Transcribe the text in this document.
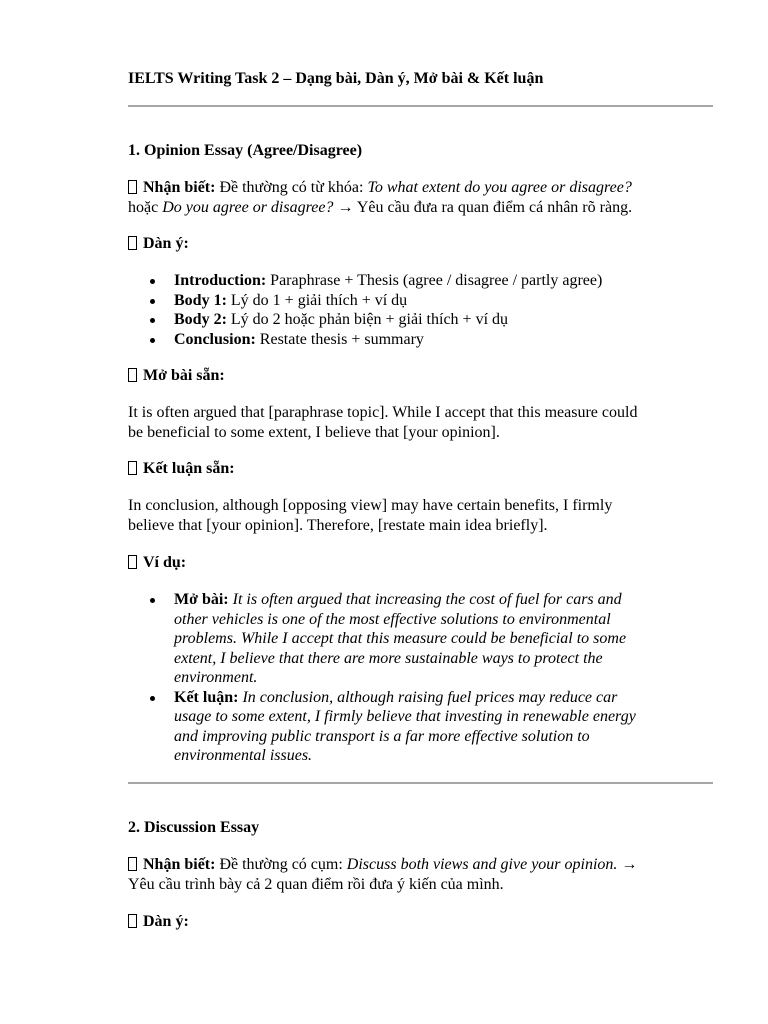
IELTS Writing Task 2 – Dạng bài, Dàn ý, Mở bài & Kết luận

1. Opinion Essay (Agree/Disagree)

Nhận biết: Đề thường có từ khóa: To what extent do you agree or disagree?

hoặc Do you agree or disagree? → Yêu cầu đưa ra quan điểm cá nhân rõ ràng.

Dàn ý:

Introduction: Paraphrase + Thesis (agree / disagree / partly agree)
Body 1: Lý do 1 + giải thích + ví dụ
Body 2: Lý do 2 hoặc phản biện + giải thích + ví dụ
Conclusion: Restate thesis + summary

Mở bài sẵn:

It is often argued that [paraphrase topic]. While I accept that this measure could

be beneficial to some extent, I believe that [your opinion].

Kết luận sẵn:

In conclusion, although [opposing view] may have certain benefits, I firmly

believe that [your opinion]. Therefore, [restate main idea briefly].

Ví dụ:

Mở bài: It is often argued that increasing the cost of fuel for cars and
other vehicles is one of the most effective solutions to environmental
problems. While I accept that this measure could be beneficial to some
extent, I believe that there are more sustainable ways to protect the
environment.
Kết luận: In conclusion, although raising fuel prices may reduce car
usage to some extent, I firmly believe that investing in renewable energy
and improving public transport is a far more effective solution to
environmental issues.

2. Discussion Essay

Nhận biết: Đề thường có cụm: Discuss both views and give your opinion. →

Yêu cầu trình bày cả 2 quan điểm rồi đưa ý kiến của mình.

Dàn ý:
